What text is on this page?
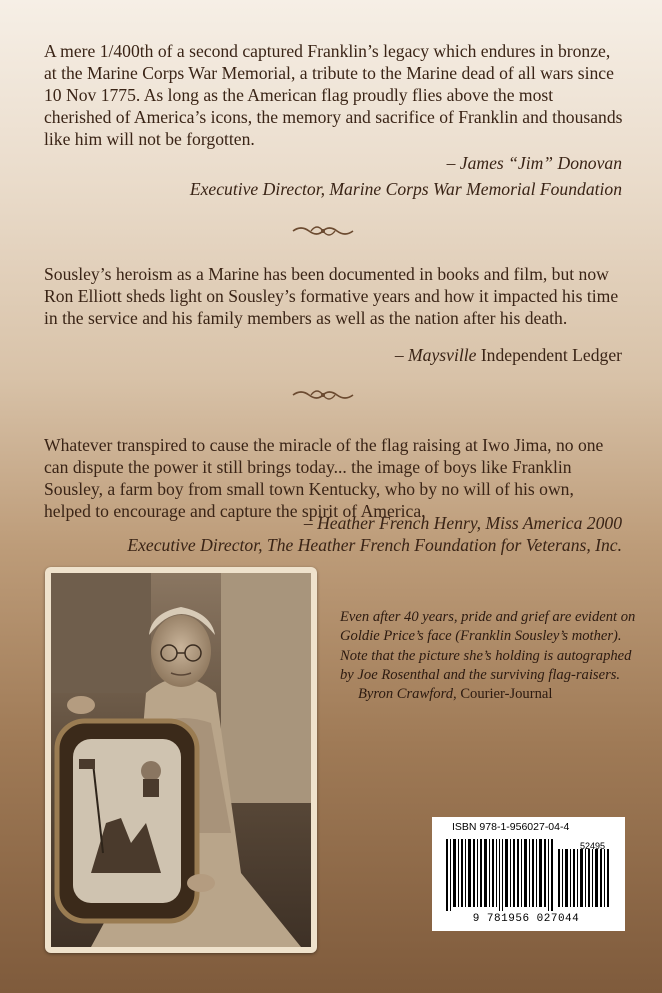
A mere 1/400th of a second captured Franklin’s legacy which endures in bronze, at the Marine Corps War Memorial, a tribute to the Marine dead of all wars since 10 Nov 1775. As long as the American flag proudly flies above the most cherished of America’s icons, the memory and sacrifice of Franklin and thousands like him will not be forgotten.
– James “Jim” Donovan
Executive Director, Marine Corps War Memorial Foundation
Sousley’s heroism as a Marine has been documented in books and film, but now Ron Elliott sheds light on Sousley’s formative years and how it impacted his time in the service and his family members as well as the nation after his death.
– Maysville Independent Ledger
Whatever transpired to cause the miracle of the flag raising at Iwo Jima, no one can dispute the power it still brings today... the image of boys like Franklin Sousley, a farm boy from small town Kentucky, who by no will of his own, helped to encourage and capture the spirit of America.
– Heather French Henry, Miss America 2000
Executive Director, The Heather French Foundation for Veterans, Inc.
Even after 40 years, pride and grief are evident on Goldie Price’s face (Franklin Sousley’s mother). Note that the picture she’s holding is autographed by Joe Rosenthal and the surviving flag-raisers.
Byron Crawford, Courier-Journal
ISBN 978-1-956027-04-4
52495
9 781956 027044
